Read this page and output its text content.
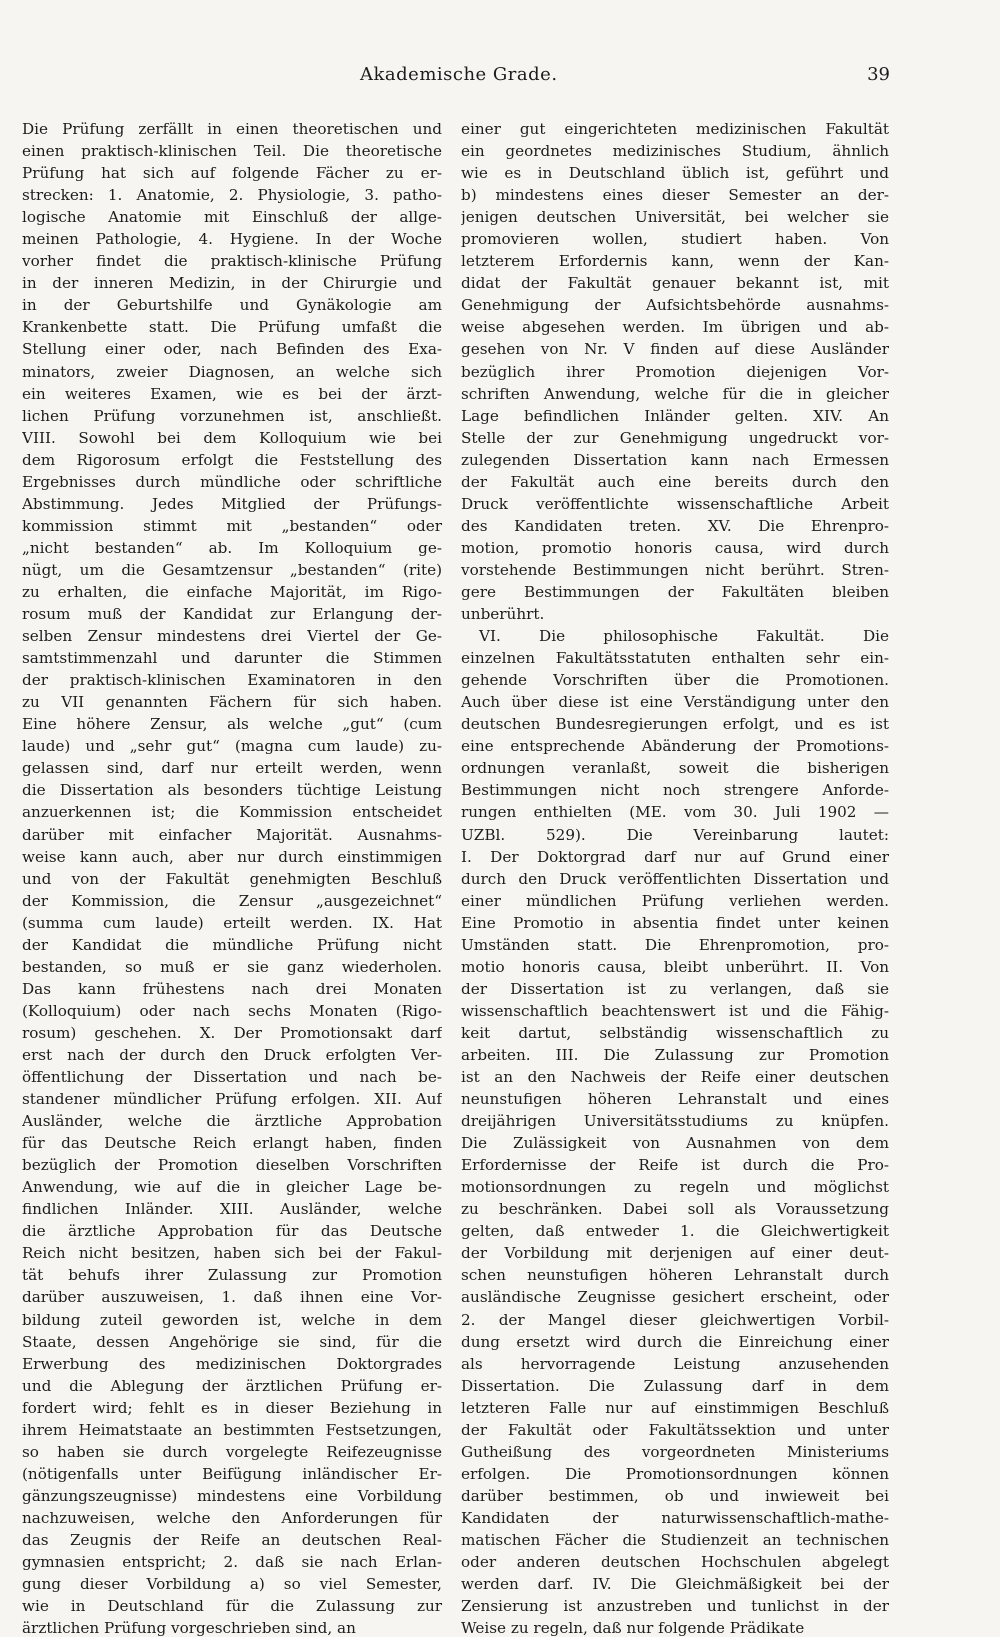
Akademische Grade.	39
Die Prüfung zerfällt in einen theoretischen und
einen praktisch-klinischen Teil. Die theoretische
Prüfung hat sich auf folgende Fächer zu er-
strecken: 1. Anatomie, 2. Physiologie, 3. patho-
logische Anatomie mit Einschluß der allge-
meinen Pathologie, 4. Hygiene. In der Woche
vorher findet die praktisch-klinische Prüfung
in der inneren Medizin, in der Chirurgie und
in der Geburtshilfe und Gynäkologie am
Krankenbette statt. Die Prüfung umfaßt die
Stellung einer oder, nach Befinden des Exa-
minators, zweier Diagnosen, an welche sich
ein weiteres Examen, wie es bei der ärzt-
lichen Prüfung vorzunehmen ist, anschließt.
VIII. Sowohl bei dem Kolloquium wie bei
dem Rigorosum erfolgt die Feststellung des
Ergebnisses durch mündliche oder schriftliche
Abstimmung. Jedes Mitglied der Prüfungs-
kommission stimmt mit „bestanden“ oder
„nicht bestanden“ ab. Im Kolloquium ge-
nügt, um die Gesamtzensur „bestanden“ (rite)
zu erhalten, die einfache Majorität, im Rigo-
rosum muß der Kandidat zur Erlangung der-
selben Zensur mindestens drei Viertel der Ge-
samtstimmenzahl und darunter die Stimmen
der praktisch-klinischen Examinatoren in den
zu VII genannten Fächern für sich haben.
Eine höhere Zensur, als welche „gut“ (cum
laude) und „sehr gut“ (magna cum laude) zu-
gelassen sind, darf nur erteilt werden, wenn
die Dissertation als besonders tüchtige Leistung
anzuerkennen ist; die Kommission entscheidet
darüber mit einfacher Majorität. Ausnahms-
weise kann auch, aber nur durch einstimmigen
und von der Fakultät genehmigten Beschluß
der Kommission, die Zensur „ausgezeichnet“
(summa cum laude) erteilt werden. IX. Hat
der Kandidat die mündliche Prüfung nicht
bestanden, so muß er sie ganz wiederholen.
Das kann frühestens nach drei Monaten
(Kolloquium) oder nach sechs Monaten (Rigo-
rosum) geschehen. X. Der Promotionsakt darf
erst nach der durch den Druck erfolgten Ver-
öffentlichung der Dissertation und nach be-
standener mündlicher Prüfung erfolgen. XII. Auf
Ausländer, welche die ärztliche Approbation
für das Deutsche Reich erlangt haben, finden
bezüglich der Promotion dieselben Vorschriften
Anwendung, wie auf die in gleicher Lage be-
findlichen Inländer. XIII. Ausländer, welche
die ärztliche Approbation für das Deutsche
Reich nicht besitzen, haben sich bei der Fakul-
tät behufs ihrer Zulassung zur Promotion
darüber auszuweisen, 1. daß ihnen eine Vor-
bildung zuteil geworden ist, welche in dem
Staate, dessen Angehörige sie sind, für die
Erwerbung des medizinischen Doktorgrades
und die Ablegung der ärztlichen Prüfung er-
fordert wird; fehlt es in dieser Beziehung in
ihrem Heimatstaate an bestimmten Festsetzungen,
so haben sie durch vorgelegte Reifezeugnisse
(nötigenfalls unter Beifügung inländischer Er-
gänzungszeugnisse) mindestens eine Vorbildung
nachzuweisen, welche den Anforderungen für
das Zeugnis der Reife an deutschen Real-
gymnasien entspricht; 2. daß sie nach Erlan-
gung dieser Vorbildung a) so viel Semester,
wie in Deutschland für die Zulassung zur
ärztlichen Prüfung vorgeschrieben sind, an
einer gut eingerichteten medizinischen Fakultät
ein geordnetes medizinisches Studium, ähnlich
wie es in Deutschland üblich ist, geführt und
b) mindestens eines dieser Semester an der-
jenigen deutschen Universität, bei welcher sie
promovieren wollen, studiert haben. Von
letzterem Erfordernis kann, wenn der Kan-
didat der Fakultät genauer bekannt ist, mit
Genehmigung der Aufsichtsbehörde ausnahms-
weise abgesehen werden. Im übrigen und ab-
gesehen von Nr. V finden auf diese Ausländer
bezüglich ihrer Promotion diejenigen Vor-
schriften Anwendung, welche für die in gleicher
Lage befindlichen Inländer gelten. XIV. An
Stelle der zur Genehmigung ungedruckt vor-
zulegenden Dissertation kann nach Ermessen
der Fakultät auch eine bereits durch den
Druck veröffentlichte wissenschaftliche Arbeit
des Kandidaten treten. XV. Die Ehrenpro-
motion, promotio honoris causa, wird durch
vorstehende Bestimmungen nicht berührt. Stren-
gere Bestimmungen der Fakultäten bleiben
unberührt.
VI. Die philosophische Fakultät. Die
einzelnen Fakultätsstatuten enthalten sehr ein-
gehende Vorschriften über die Promotionen.
Auch über diese ist eine Verständigung unter den
deutschen Bundesregierungen erfolgt, und es ist
eine entsprechende Abänderung der Promotions-
ordnungen veranlaßt, soweit die bisherigen
Bestimmungen nicht noch strengere Anforde-
rungen enthielten (ME. vom 30. Juli 1902 —
UZBl. 529). Die Vereinbarung lautet:
I. Der Doktorgrad darf nur auf Grund einer
durch den Druck veröffentlichten Dissertation und
einer mündlichen Prüfung verliehen werden.
Eine Promotio in absentia findet unter keinen
Umständen statt. Die Ehrenpromotion, pro-
motio honoris causa, bleibt unberührt. II. Von
der Dissertation ist zu verlangen, daß sie
wissenschaftlich beachtenswert ist und die Fähig-
keit dartut, selbständig wissenschaftlich zu
arbeiten. III. Die Zulassung zur Promotion
ist an den Nachweis der Reife einer deutschen
neunstufigen höheren Lehranstalt und eines
dreijährigen Universitätsstudiums zu knüpfen.
Die Zulässigkeit von Ausnahmen von dem
Erfordernisse der Reife ist durch die Pro-
motionsordnungen zu regeln und möglichst
zu beschränken. Dabei soll als Voraussetzung
gelten, daß entweder 1. die Gleichwertigkeit
der Vorbildung mit derjenigen auf einer deut-
schen neunstufigen höheren Lehranstalt durch
ausländische Zeugnisse gesichert erscheint, oder
2. der Mangel dieser gleichwertigen Vorbil-
dung ersetzt wird durch die Einreichung einer
als hervorragende Leistung anzusehenden
Dissertation. Die Zulassung darf in dem
letzteren Falle nur auf einstimmigen Beschluß
der Fakultät oder Fakultätssektion und unter
Gutheißung des vorgeordneten Ministeriums
erfolgen. Die Promotionsordnungen können
darüber bestimmen, ob und inwieweit bei
Kandidaten der naturwissenschaftlich-mathe-
matischen Fächer die Studienzeit an technischen
oder anderen deutschen Hochschulen abgelegt
werden darf. IV. Die Gleichmäßigkeit bei der
Zensierung ist anzustreben und tunlichst in der
Weise zu regeln, daß nur folgende Prädikate
